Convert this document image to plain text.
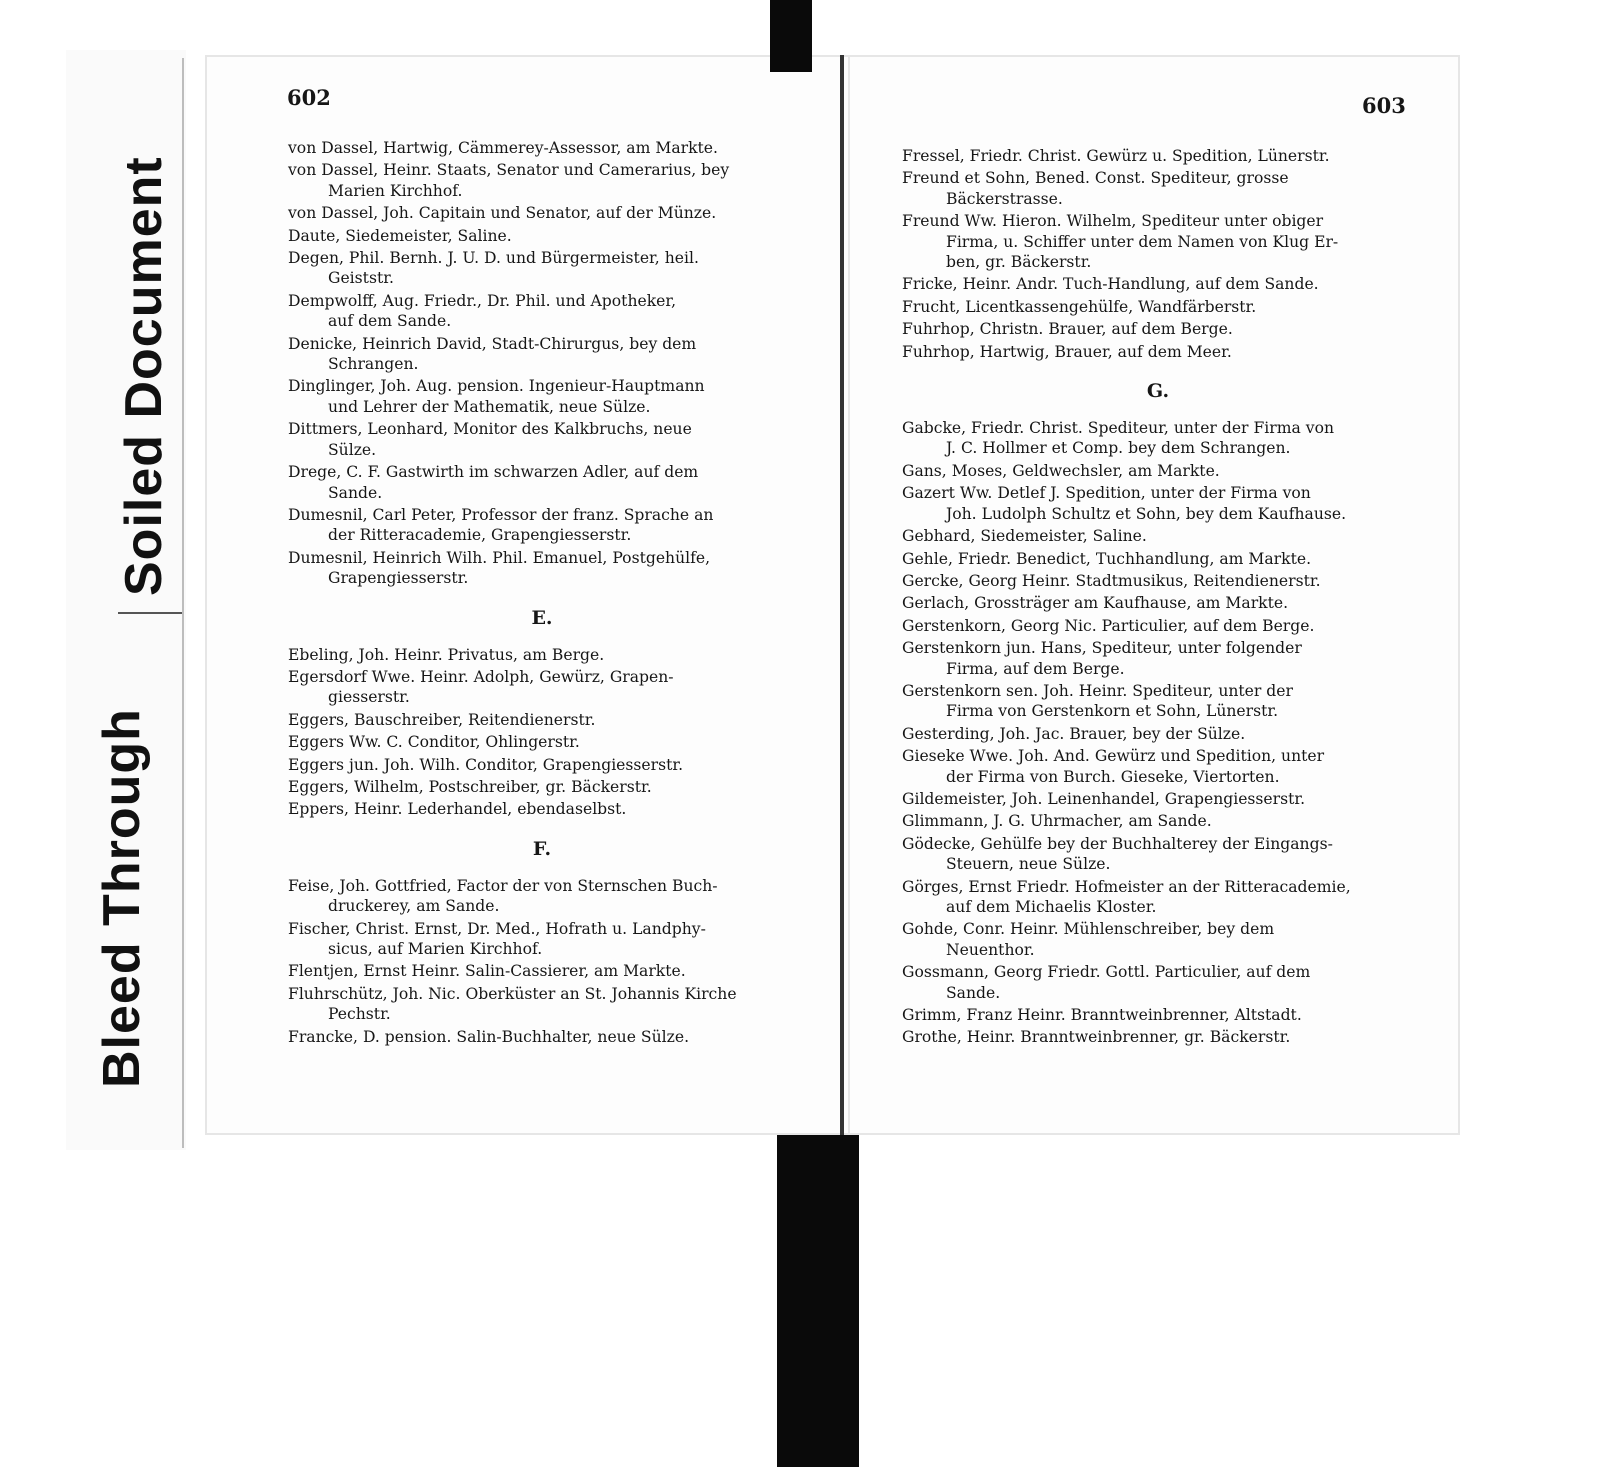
Soiled Document
Bleed Through
602	603
von Dassel, Hartwig, Cämmerey-Assessor, am Markte.
von Dassel, Heinr. Staats, Senator und Camerarius, bey
Marien Kirchhof.
von Dassel, Joh. Capitain und Senator, auf der Münze.
Daute, Siedemeister, Saline.
Degen, Phil. Bernh. J. U. D. und Bürgermeister, heil.
Geiststr.
Dempwolff, Aug. Friedr., Dr. Phil. und Apotheker,
auf dem Sande.
Denicke, Heinrich David, Stadt-Chirurgus, bey dem
Schrangen.
Dinglinger, Joh. Aug. pension. Ingenieur-Hauptmann
und Lehrer der Mathematik, neue Sülze.
Dittmers, Leonhard, Monitor des Kalkbruchs, neue
Sülze.
Drege, C. F. Gastwirth im schwarzen Adler, auf dem
Sande.
Dumesnil, Carl Peter, Professor der franz. Sprache an
der Ritteracademie, Grapengiesserstr.
Dumesnil, Heinrich Wilh. Phil. Emanuel, Postgehülfe,
Grapengiesserstr.
E.
Ebeling, Joh. Heinr. Privatus, am Berge.
Egersdorf Wwe. Heinr. Adolph, Gewürz, Grapen-
giesserstr.
Eggers, Bauschreiber, Reitendienerstr.
Eggers Ww. C. Conditor, Ohlingerstr.
Eggers jun. Joh. Wilh. Conditor, Grapengiesserstr.
Eggers, Wilhelm, Postschreiber, gr. Bäckerstr.
Eppers, Heinr. Lederhandel, ebendaselbst.
F.
Feise, Joh. Gottfried, Factor der von Sternschen Buch-
druckerey, am Sande.
Fischer, Christ. Ernst, Dr. Med., Hofrath u. Landphy-
sicus, auf Marien Kirchhof.
Flentjen, Ernst Heinr. Salin-Cassierer, am Markte.
Fluhrschütz, Joh. Nic. Oberküster an St. Johannis Kirche
Pechstr.
Francke, D. pension. Salin-Buchhalter, neue Sülze.
Fressel, Friedr. Christ. Gewürz u. Spedition, Lünerstr.
Freund et Sohn, Bened. Const. Spediteur, grosse
Bäckerstrasse.
Freund Ww. Hieron. Wilhelm, Spediteur unter obiger
Firma, u. Schiffer unter dem Namen von Klug Er-
ben, gr. Bäckerstr.
Fricke, Heinr. Andr. Tuch-Handlung, auf dem Sande.
Frucht, Licentkassengehülfe, Wandfärberstr.
Fuhrhop, Christn. Brauer, auf dem Berge.
Fuhrhop, Hartwig, Brauer, auf dem Meer.
G.
Gabcke, Friedr. Christ. Spediteur, unter der Firma von
J. C. Hollmer et Comp. bey dem Schrangen.
Gans, Moses, Geldwechsler, am Markte.
Gazert Ww. Detlef J. Spedition, unter der Firma von
Joh. Ludolph Schultz et Sohn, bey dem Kaufhause.
Gebhard, Siedemeister, Saline.
Gehle, Friedr. Benedict, Tuchhandlung, am Markte.
Gercke, Georg Heinr. Stadtmusikus, Reitendienerstr.
Gerlach, Grossträger am Kaufhause, am Markte.
Gerstenkorn, Georg Nic. Particulier, auf dem Berge.
Gerstenkorn jun. Hans, Spediteur, unter folgender
Firma, auf dem Berge.
Gerstenkorn sen. Joh. Heinr. Spediteur, unter der
Firma von Gerstenkorn et Sohn, Lünerstr.
Gesterding, Joh. Jac. Brauer, bey der Sülze.
Gieseke Wwe. Joh. And. Gewürz und Spedition, unter
der Firma von Burch. Gieseke, Viertorten.
Gildemeister, Joh. Leinenhandel, Grapengiesserstr.
Glimmann, J. G. Uhrmacher, am Sande.
Gödecke, Gehülfe bey der Buchhalterey der Eingangs-
Steuern, neue Sülze.
Görges, Ernst Friedr. Hofmeister an der Ritteracademie,
auf dem Michaelis Kloster.
Gohde, Conr. Heinr. Mühlenschreiber, bey dem
Neuenthor.
Gossmann, Georg Friedr. Gottl. Particulier, auf dem
Sande.
Grimm, Franz Heinr. Branntweinbrenner, Altstadt.
Grothe, Heinr. Branntweinbrenner, gr. Bäckerstr.
